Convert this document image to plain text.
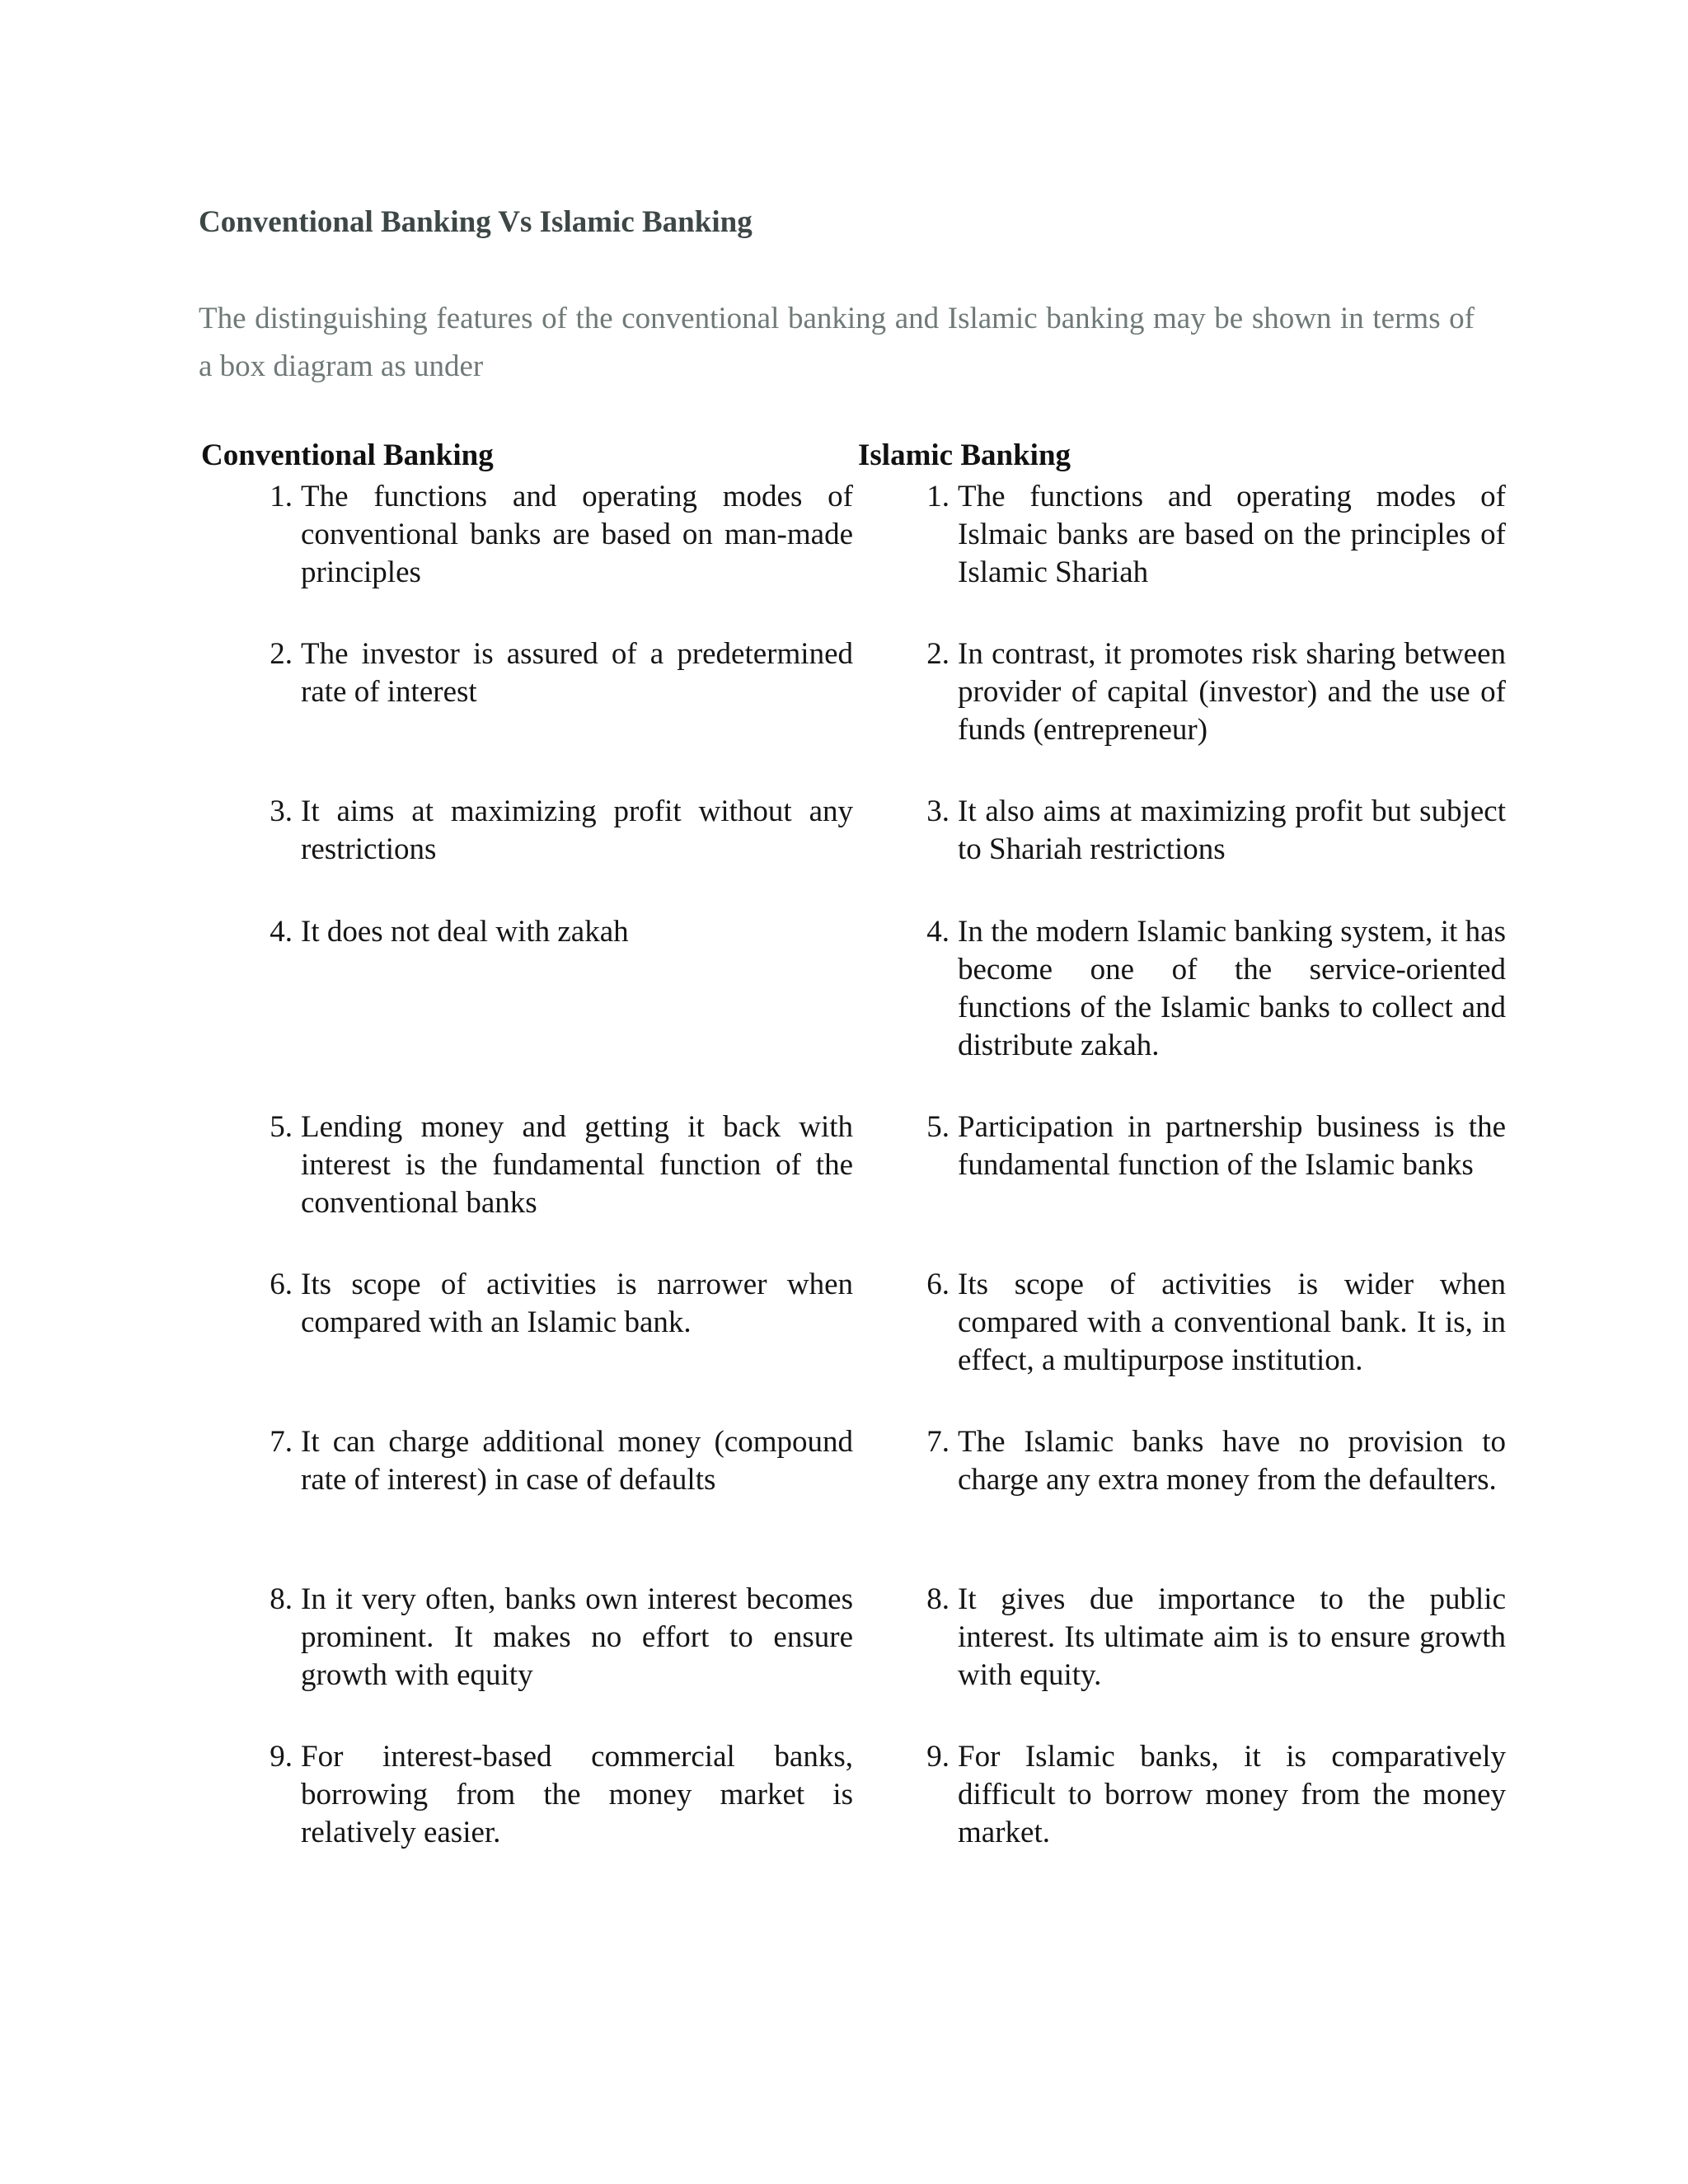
Conventional Banking Vs Islamic Banking
The distinguishing features of the conventional banking and Islamic banking may be shown in terms of a box diagram as under
Conventional Banking	Islamic Banking
1. The functions and operating modes of conventional banks are based on man-made principles
2. The investor is assured of a predetermined rate of interest
3. It aims at maximizing profit without any restrictions
4. It does not deal with zakah
5. Lending money and getting it back with interest is the fundamental function of the conventional banks
6. Its scope of activities is narrower when compared with an Islamic bank.
7. It can charge additional money (compound rate of interest) in case of defaults
8. In it very often, banks own interest becomes prominent. It makes no effort to ensure growth with equity
9. For interest-based commercial banks, borrowing from the money market is relatively easier.
1. The functions and operating modes of Islmaic banks are based on the principles of Islamic Shariah
2. In contrast, it promotes risk sharing between provider of capital (investor) and the use of funds (entrepreneur)
3. It also aims at maximizing profit but subject to Shariah restrictions
4. In the modern Islamic banking system, it has become one of the service-oriented functions of the Islamic banks to collect and distribute zakah.
5. Participation in partnership business is the fundamental function of the Islamic banks
6. Its scope of activities is wider when compared with a conventional bank. It is, in effect, a multipurpose institution.
7. The Islamic banks have no provision to charge any extra money from the defaulters.
8. It gives due importance to the public interest. Its ultimate aim is to ensure growth with equity.
9. For Islamic banks, it is comparatively difficult to borrow money from the money market.
